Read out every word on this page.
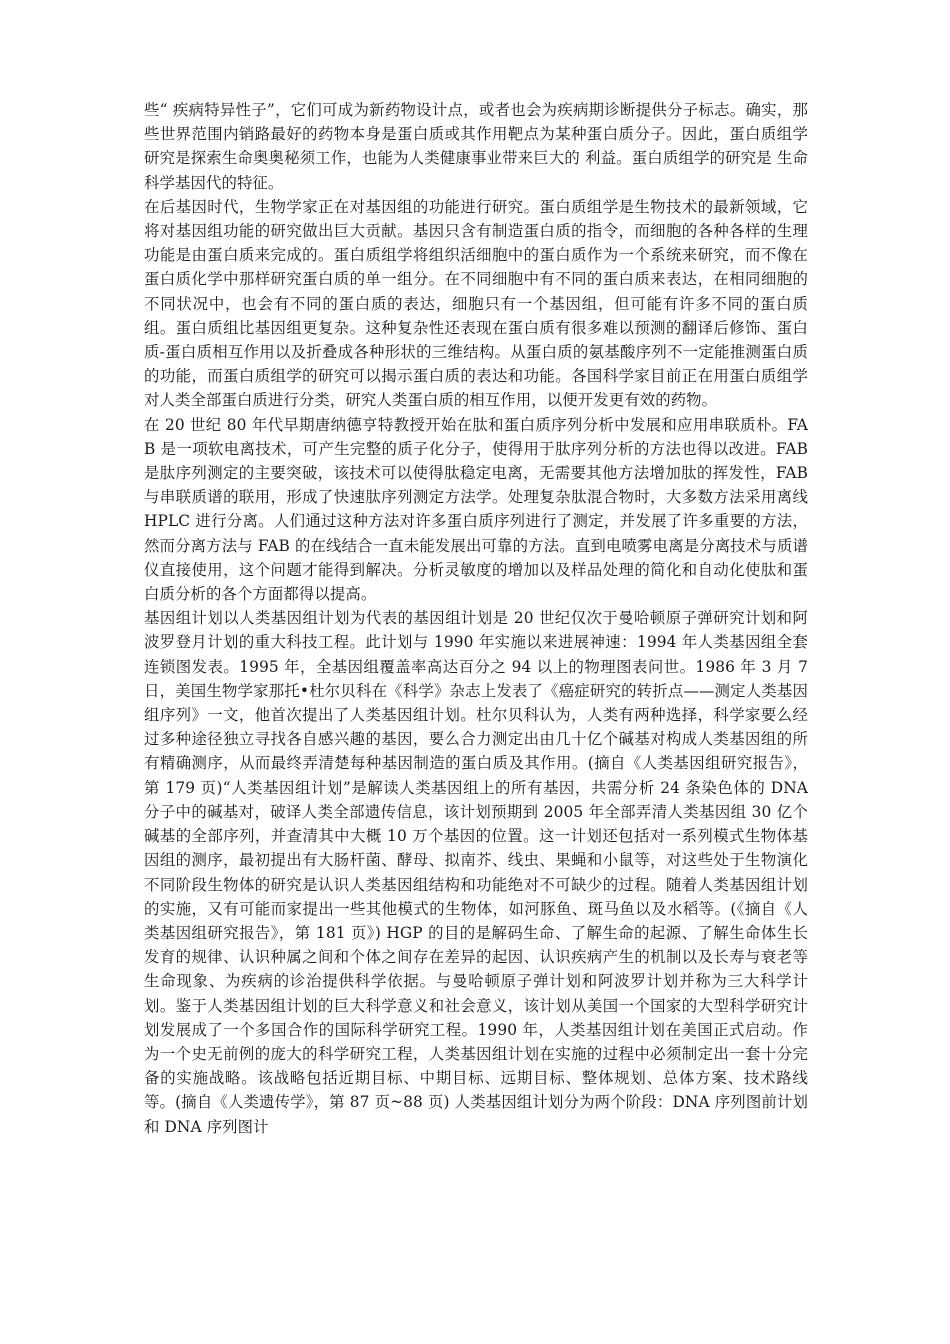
些“ 疾病特异性子”，它们可成为新药物设计点，或者也会为疾病期诊断提供分子标志。确实，那些世界范围内销路最好的药物本身是蛋白质或其作用靶点为某种蛋白质分子。因此，蛋白质组学研究是探索生命奥奥秘须工作，也能为人类健康事业带来巨大的 利益。蛋白质组学的研究是 生命科学基因代的特征。

在后基因时代，生物学家正在对基因组的功能进行研究。蛋白质组学是生物技术的最新领域，它将对基因组功能的研究做出巨大贡献。基因只含有制造蛋白质的指令，而细胞的各种各样的生理功能是由蛋白质来完成的。蛋白质组学将组织活细胞中的蛋白质作为一个系统来研究，而不像在蛋白质化学中那样研究蛋白质的单一组分。在不同细胞中有不同的蛋白质来表达，在相同细胞的不同状况中，也会有不同的蛋白质的表达，细胞只有一个基因组，但可能有许多不同的蛋白质组。蛋白质组比基因组更复杂。这种复杂性还表现在蛋白质有很多难以预测的翻译后修饰、蛋白质-蛋白质相互作用以及折叠成各种形状的三维结构。从蛋白质的氨基酸序列不一定能推测蛋白质的功能，而蛋白质组学的研究可以揭示蛋白质的表达和功能。各国科学家目前正在用蛋白质组学对人类全部蛋白质进行分类，研究人类蛋白质的相互作用，以便开发更有效的药物。

在 20 世纪 80 年代早期唐纳德亨特教授开始在肽和蛋白质序列分析中发展和应用串联质朴。FAB 是一项软电离技术，可产生完整的质子化分子，使得用于肽序列分析的方法也得以改进。FAB 是肽序列测定的主要突破，该技术可以使得肽稳定电离，无需要其他方法增加肽的挥发性，FAB 与串联质谱的联用，形成了快速肽序列测定方法学。处理复杂肽混合物时，大多数方法采用离线 HPLC 进行分离。人们通过这种方法对许多蛋白质序列进行了测定，并发展了许多重要的方法，然而分离方法与 FAB 的在线结合一直未能发展出可靠的方法。直到电喷雾电离是分离技术与质谱仪直接使用，这个问题才能得到解决。分析灵敏度的增加以及样品处理的简化和自动化使肽和蛋白质分析的各个方面都得以提高。

基因组计划以人类基因组计划为代表的基因组计划是 20 世纪仅次于曼哈顿原子弹研究计划和阿波罗登月计划的重大科技工程。此计划与 1990 年实施以来进展神速：1994 年人类基因组全套连锁图发表。1995 年，全基因组覆盖率高达百分之 94 以上的物理图表问世。1986 年 3 月 7 日，美国生物学家那托•杜尔贝科在《科学》杂志上发表了《癌症研究的转折点——测定人类基因组序列》一文，他首次提出了人类基因组计划。杜尔贝科认为，人类有两种选择，科学家要么经过多种途径独立寻找各自感兴趣的基因，要么合力测定出由几十亿个碱基对构成人类基因组的所有精确测序，从而最终弄清楚每种基因制造的蛋白质及其作用。(摘自《人类基因组研究报告》，第 179 页)“人类基因组计划”是解读人类基因组上的所有基因，共需分析 24 条染色体的 DNA 分子中的碱基对，破译人类全部遗传信息，该计划预期到 2005 年全部弄清人类基因组 30 亿个碱基的全部序列，并查清其中大概 10 万个基因的位置。这一计划还包括对一系列模式生物体基因组的测序，最初提出有大肠杆菌、酵母、拟南芥、线虫、果蝇和小鼠等，对这些处于生物演化不同阶段生物体的研究是认识人类基因组结构和功能绝对不可缺少的过程。随着人类基因组计划的实施，又有可能而家提出一些其他模式的生物体，如河豚鱼、斑马鱼以及水稻等。(《摘自《人类基因组研究报告》，第 181 页》) HGP 的目的是解码生命、了解生命的起源、了解生命体生长发育的规律、认识种属之间和个体之间存在差异的起因、认识疾病产生的机制以及长寿与衰老等生命现象、为疾病的诊治提供科学依据。与曼哈顿原子弹计划和阿波罗计划并称为三大科学计划。鉴于人类基因组计划的巨大科学意义和社会意义，该计划从美国一个国家的大型科学研究计划发展成了一个多国合作的国际科学研究工程。1990 年，人类基因组计划在美国正式启动。作为一个史无前例的庞大的科学研究工程，人类基因组计划在实施的过程中必须制定出一套十分完备的实施战略。该战略包括近期目标、中期目标、远期目标、整体规划、总体方案、技术路线等。(摘自《人类遗传学》，第 87 页~88 页) 人类基因组计划分为两个阶段：DNA 序列图前计划和 DNA 序列图计
